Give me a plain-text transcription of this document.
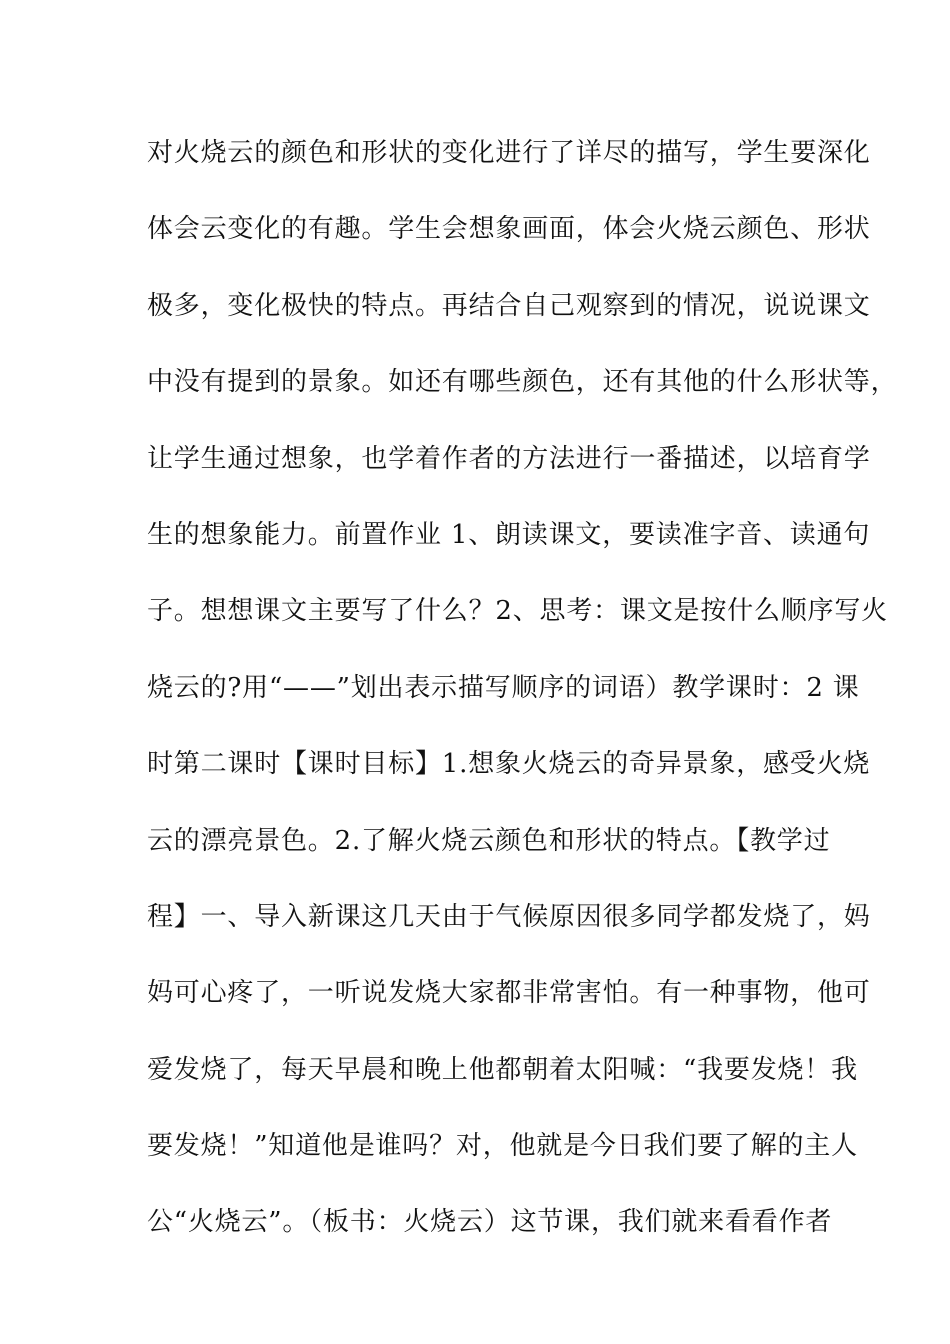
对火烧云的颜色和形状的变化进行了详尽的描写，学生要深化
体会云变化的有趣。学生会想象画面，体会火烧云颜色、形状
极多，变化极快的特点。再结合自己观察到的情况，说说课文
中没有提到的景象。如还有哪些颜色，还有其他的什么形状等，
让学生通过想象，也学着作者的方法进行一番描述，以培育学
生的想象能力。前置作业 1、朗读课文，要读准字音、读通句
子。想想课文主要写了什么？2、思考：课文是按什么顺序写火
烧云的?用“——”划出表示描写顺序的词语）教学课时：2 课
时第二课时【课时目标】1.想象火烧云的奇异景象，感受火烧
云的漂亮景色。2.了解火烧云颜色和形状的特点。【教学过
程】一、导入新课这几天由于气候原因很多同学都发烧了，妈
妈可心疼了，一听说发烧大家都非常害怕。有一种事物，他可
爱发烧了，每天早晨和晚上他都朝着太阳喊：“我要发烧！我
要发烧！”知道他是谁吗？对，他就是今日我们要了解的主人
公“火烧云”。（板书：火烧云）这节课，我们就来看看作者
